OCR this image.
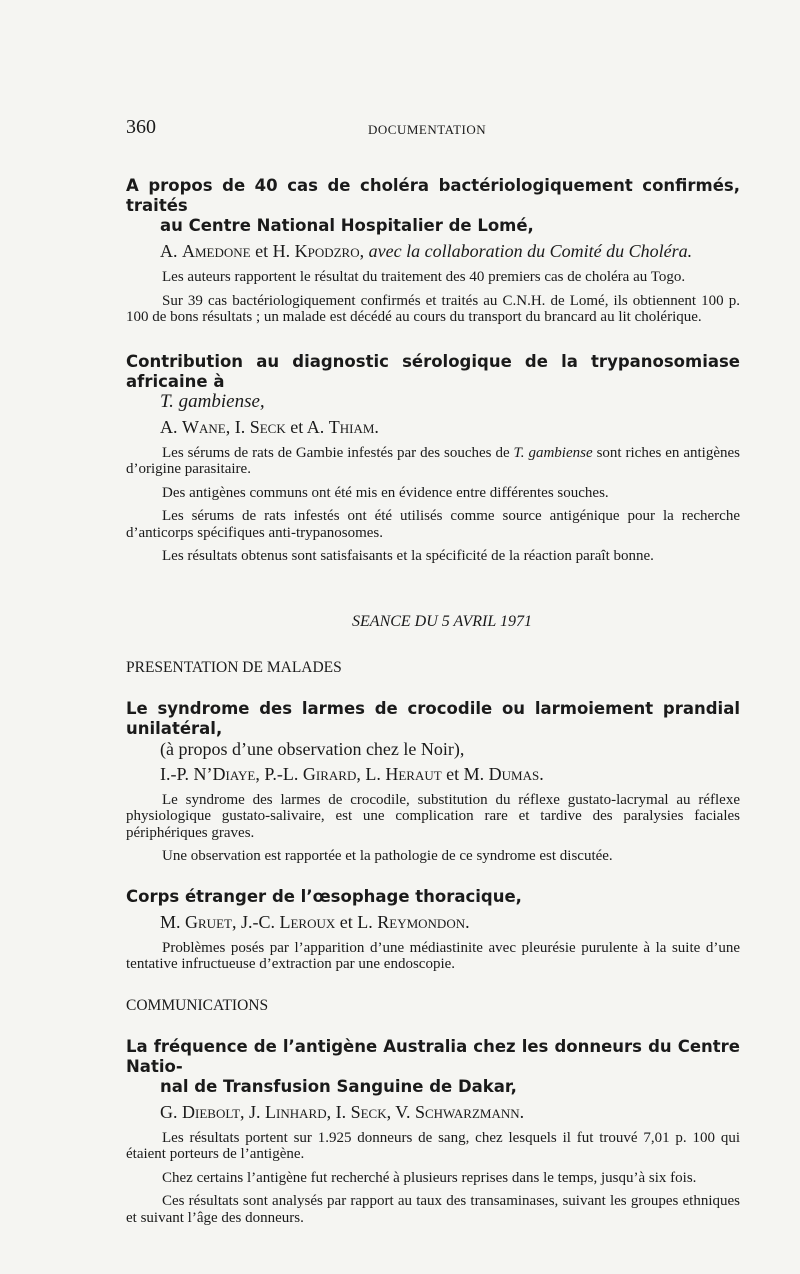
360	DOCUMENTATION

A propos de 40 cas de choléra bactériologiquement confirmés, traités
au Centre National Hospitalier de Lomé,

A. Amedone et H. Kpodzro, avec la collaboration du Comité du Choléra.

Les auteurs rapportent le résultat du traitement des 40 premiers cas de choléra au Togo.

Sur 39 cas bactériologiquement confirmés et traités au C.N.H. de Lomé, ils obtiennent 100 p. 100 de bons résultats ; un malade est décédé au cours du transport du brancard au lit cholérique.

Contribution au diagnostic sérologique de la trypanosomiase africaine à
T. gambiense,

A. Wane, I. Seck et A. Thiam.

Les sérums de rats de Gambie infestés par des souches de T. gambiense sont riches en antigènes d’origine parasitaire.

Des antigènes communs ont été mis en évidence entre différentes souches.

Les sérums de rats infestés ont été utilisés comme source antigénique pour la recherche d’anticorps spécifiques anti-trypanosomes.

Les résultats obtenus sont satisfaisants et la spécificité de la réaction paraît bonne.

SEANCE DU 5 AVRIL 1971
PRESENTATION DE MALADES

Le syndrome des larmes de crocodile ou larmoiement prandial unilatéral,
(à propos d’une observation chez le Noir),

I.-P. N’Diaye, P.-L. Girard, L. Heraut et M. Dumas.

Le syndrome des larmes de crocodile, substitution du réflexe gustato-lacrymal au réflexe physiologique gustato-salivaire, est une complication rare et tardive des paralysies faciales périphériques graves.

Une observation est rapportée et la pathologie de ce syndrome est discutée.

Corps étranger de l’œsophage thoracique,

M. Gruet, J.-C. Leroux et L. Reymondon.

Problèmes posés par l’apparition d’une médiastinite avec pleurésie purulente à la suite d’une tentative infructueuse d’extraction par une endoscopie.

COMMUNICATIONS

La fréquence de l’antigène Australia chez les donneurs du Centre Natio-
nal de Transfusion Sanguine de Dakar,

G. Diebolt, J. Linhard, I. Seck, V. Schwarzmann.

Les résultats portent sur 1.925 donneurs de sang, chez lesquels il fut trouvé 7,01 p. 100 qui étaient porteurs de l’antigène.

Chez certains l’antigène fut recherché à plusieurs reprises dans le temps, jusqu’à six fois.

Ces résultats sont analysés par rapport au taux des transaminases, suivant les groupes ethniques et suivant l’âge des donneurs.
